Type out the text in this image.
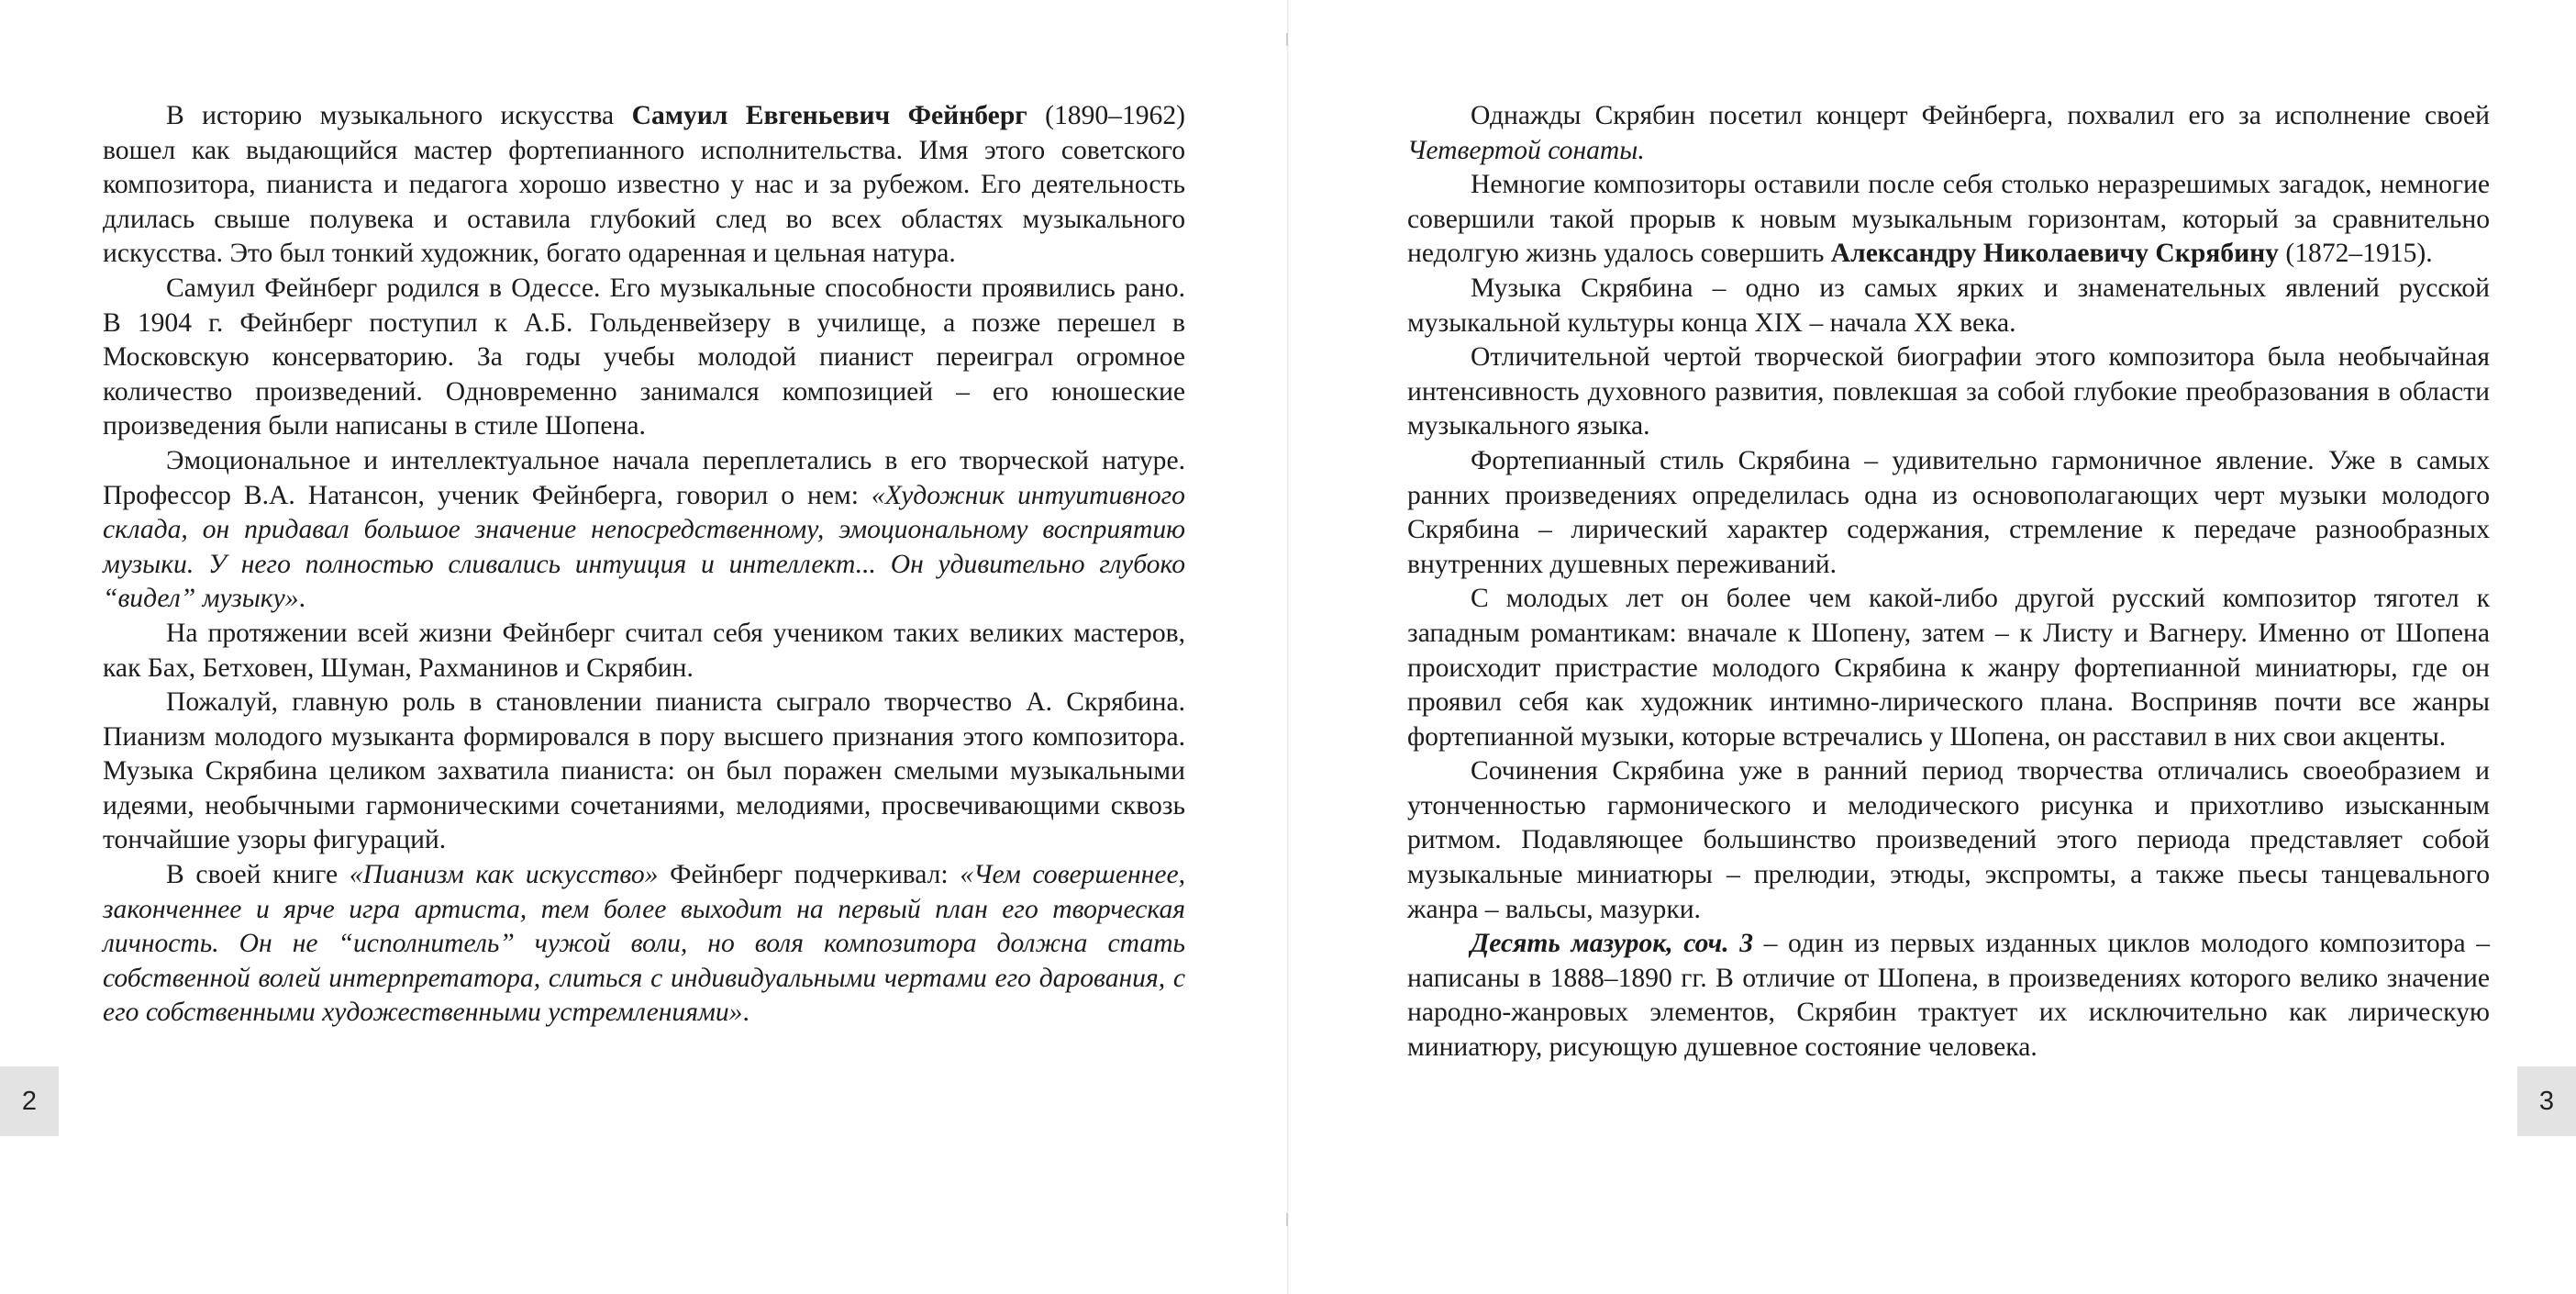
В историю музыкального искусства Самуил Евгеньевич Фейнберг (1890–1962) вошел как выдающийся мастер фортепианного исполнительства. Имя этого советского композитора, пианиста и педагога хорошо известно у нас и за рубежом. Его деятельность длилась свыше полувека и оставила глубокий след во всех областях музыкального искусства. Это был тонкий художник, богато одаренная и цельная натура.

Самуил Фейнберг родился в Одессе. Его музыкальные способности проявились рано. В 1904 г. Фейнберг поступил к А.Б. Гольденвейзеру в училище, а позже перешел в Московскую консерваторию. За годы учебы молодой пианист переиграл огромное количество произведений. Одновременно занимался композицией – его юношеские произведения были написаны в стиле Шопена.

Эмоциональное и интеллектуальное начала переплетались в его творческой натуре. Профессор В.А. Натансон, ученик Фейнберга, говорил о нем: «Художник интуитивного склада, он придавал большое значение непосредственному, эмоциональному восприятию музыки. У него полностью сливались интуиция и интеллект... Он удивительно глубоко “видел” музыку».

На протяжении всей жизни Фейнберг считал себя учеником таких великих мастеров, как Бах, Бетховен, Шуман, Рахманинов и Скрябин.

Пожалуй, главную роль в становлении пианиста сыграло творчество А. Скрябина. Пианизм молодого музыканта формировался в пору высшего признания этого композитора. Музыка Скрябина целиком захватила пианиста: он был поражен смелыми музыкальными идеями, необычными гармоническими сочетаниями, мелодиями, просвечивающими сквозь тончайшие узоры фигураций.

В своей книге «Пианизм как искусство» Фейнберг подчеркивал: «Чем совершеннее, законченнее и ярче игра артиста, тем более выходит на первый план его творческая личность. Он не “исполнитель” чужой воли, но воля композитора должна стать собственной волей интерпретатора, слиться с индивидуальными чертами его дарования, с его собственными художественными устремлениями».

Однажды Скрябин посетил концерт Фейнберга, похвалил его за исполнение своей Четвертой сонаты.

Немногие композиторы оставили после себя столько неразрешимых загадок, немногие совершили такой прорыв к новым музыкальным горизонтам, который за сравнительно недолгую жизнь удалось совершить Александру Николаевичу Скрябину (1872–1915).

Музыка Скрябина – одно из самых ярких и знаменательных явлений русской музыкальной культуры конца XIX – начала XX века.

Отличительной чертой творческой биографии этого композитора была необычайная интенсивность духовного развития, повлекшая за собой глубокие преобразования в области музыкального языка.

Фортепианный стиль Скрябина – удивительно гармоничное явление. Уже в самых ранних произведениях определилась одна из основополагающих черт музыки молодого Скрябина – лирический характер содержания, стремление к передаче разнообразных внутренних душевных переживаний.

С молодых лет он более чем какой-либо другой русский композитор тяготел к западным романтикам: вначале к Шопену, затем – к Листу и Вагнеру. Именно от Шопена происходит пристрастие молодого Скрябина к жанру фортепианной миниатюры, где он проявил себя как художник интимно-лирического плана. Восприняв почти все жанры фортепианной музыки, которые встречались у Шопена, он расставил в них свои акценты.

Сочинения Скрябина уже в ранний период творчества отличались своеобразием и утонченностью гармонического и мелодического рисунка и прихотливо изысканным ритмом. Подавляющее большинство произведений этого периода представляет собой музыкальные миниатюры – прелюдии, этюды, экспромты, а также пьесы танцевального жанра – вальсы, мазурки.

Десять мазурок, соч. 3 – один из первых изданных циклов молодого композитора – написаны в 1888–1890 гг. В отличие от Шопена, в произведениях которого велико значение народно-жанровых элементов, Скрябин трактует их исключительно как лирическую миниатюру, рисующую душевное состояние человека.

2	3
